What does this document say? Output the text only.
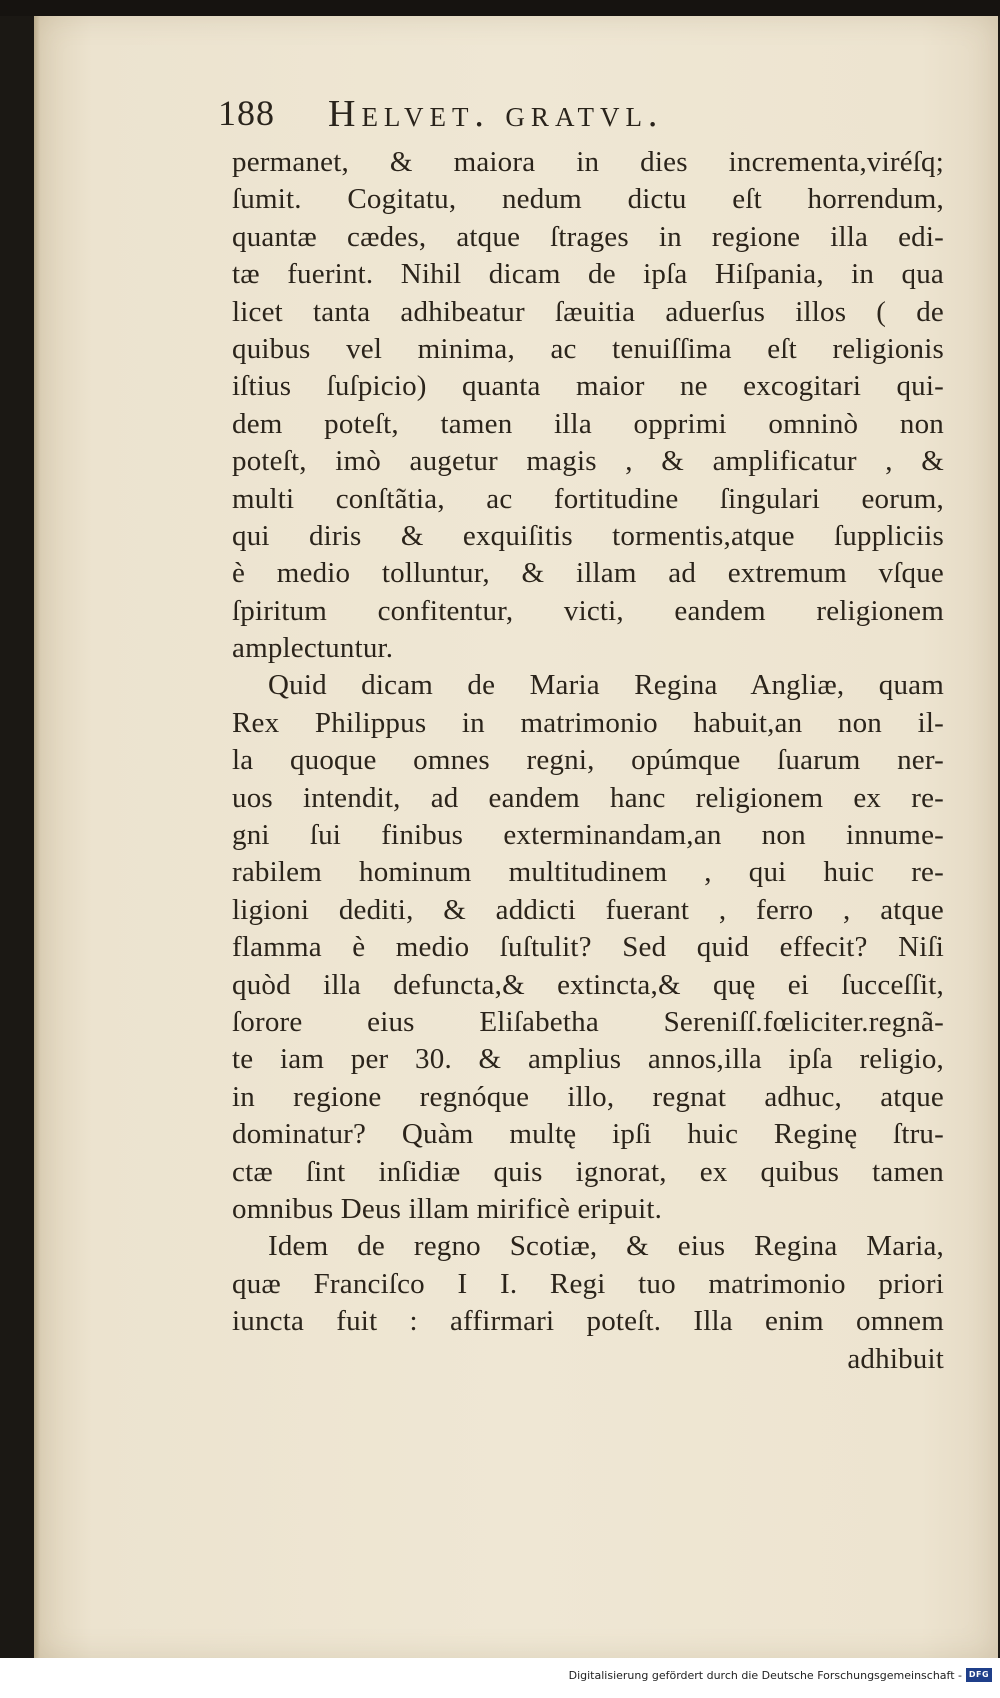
188 Helvet. gratvl.
permanet, & maiora in dies incrementa,viréſq;
ſumit. Cogitatu, nedum dictu eſt horrendum,
quantæ cædes, atque ſtrages in regione illa edi-
tæ fuerint. Nihil dicam de ipſa Hiſpania, in qua
licet tanta adhibeatur ſæuitia aduerſus illos ( de
quibus vel minima, ac tenuiſſima eſt religionis
iſtius ſuſpicio) quanta maior ne excogitari qui-
dem poteſt, tamen illa opprimi omninò non
poteſt, imò augetur magis , & amplificatur , &
multi conſtãtia, ac fortitudine ſingulari eorum,
qui diris & exquiſitis tormentis,atque ſuppliciis
è medio tolluntur, & illam ad extremum vſque
ſpiritum confitentur, victi, eandem religionem
amplectuntur.
Quid dicam de Maria Regina Angliæ, quam
Rex Philippus in matrimonio habuit,an non il-
la quoque omnes regni, opúmque ſuarum ner-
uos intendit, ad eandem hanc religionem ex re-
gni ſui finibus exterminandam,an non innume-
rabilem hominum multitudinem , qui huic re-
ligioni dediti, & addicti fuerant , ferro , atque
flamma è medio ſuſtulit? Sed quid effecit? Niſi
quòd illa defuncta,& extincta,& quę ei ſucceſſit,
ſorore eius Eliſabetha Sereniſſ.fœliciter.regnã-
te iam per 30. & amplius annos,illa ipſa religio,
in regione regnóque illo, regnat adhuc, atque
dominatur? Quàm multę ipſi huic Reginę ſtru-
ctæ ſint inſidiæ quis ignorat, ex quibus tamen
omnibus Deus illam mirificè eripuit.
Idem de regno Scotiæ, & eius Regina Maria,
quæ Franciſco I I. Regi tuo matrimonio priori
iuncta fuit : affirmari poteſt. Illa enim omnem
adhibuit
Digitalisierung gefördert durch die Deutsche Forschungsgemeinschaft - DFG
